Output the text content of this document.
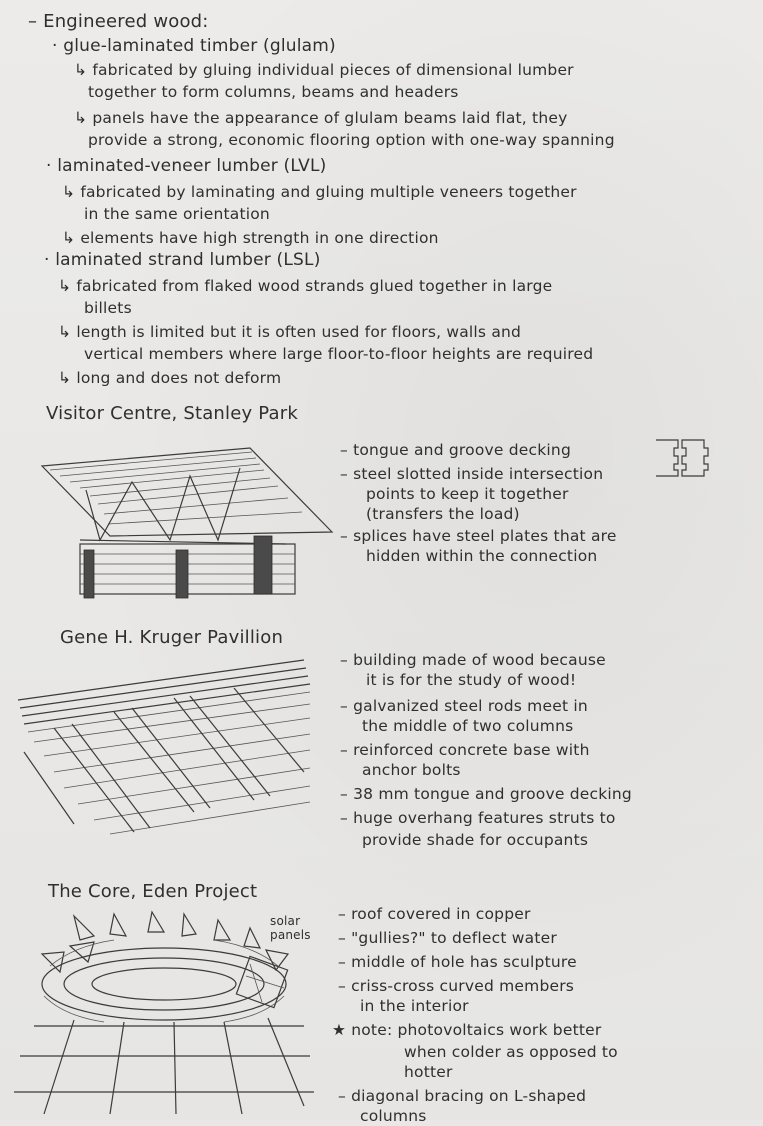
– Engineered wood:
· glue-laminated timber (glulam)
↳ fabricated by gluing individual pieces of dimensional lumber
together to form columns, beams and headers
↳ panels have the appearance of glulam beams laid flat, they
provide a strong, economic flooring option with one-way spanning
· laminated-veneer lumber (LVL)
↳ fabricated by laminating and gluing multiple veneers together
in the same orientation
↳ elements have high strength in one direction
· laminated strand lumber (LSL)
↳ fabricated from flaked wood strands glued together in large
billets
↳ length is limited but it is often used for floors, walls and
vertical members where large floor-to-floor heights are required
↳ long and does not deform
Visitor Centre, Stanley Park
– tongue and groove decking
– steel slotted inside intersection
points to keep it together
(transfers the load)
– splices have steel plates that are
hidden within the connection
Gene H. Kruger Pavillion
– building made of wood because
it is for the study of wood!
– galvanized steel rods meet in
the middle of two columns
– reinforced concrete base with
anchor bolts
– 38 mm tongue and groove decking
– huge overhang features struts to
provide shade for occupants
The Core, Eden Project
solar panels
– roof covered in copper
– "gullies?" to deflect water
– middle of hole has sculpture
– criss-cross curved members
in the interior
★ note: photovoltaics work better
when colder as opposed to
hotter
– diagonal bracing on L-shaped
columns
